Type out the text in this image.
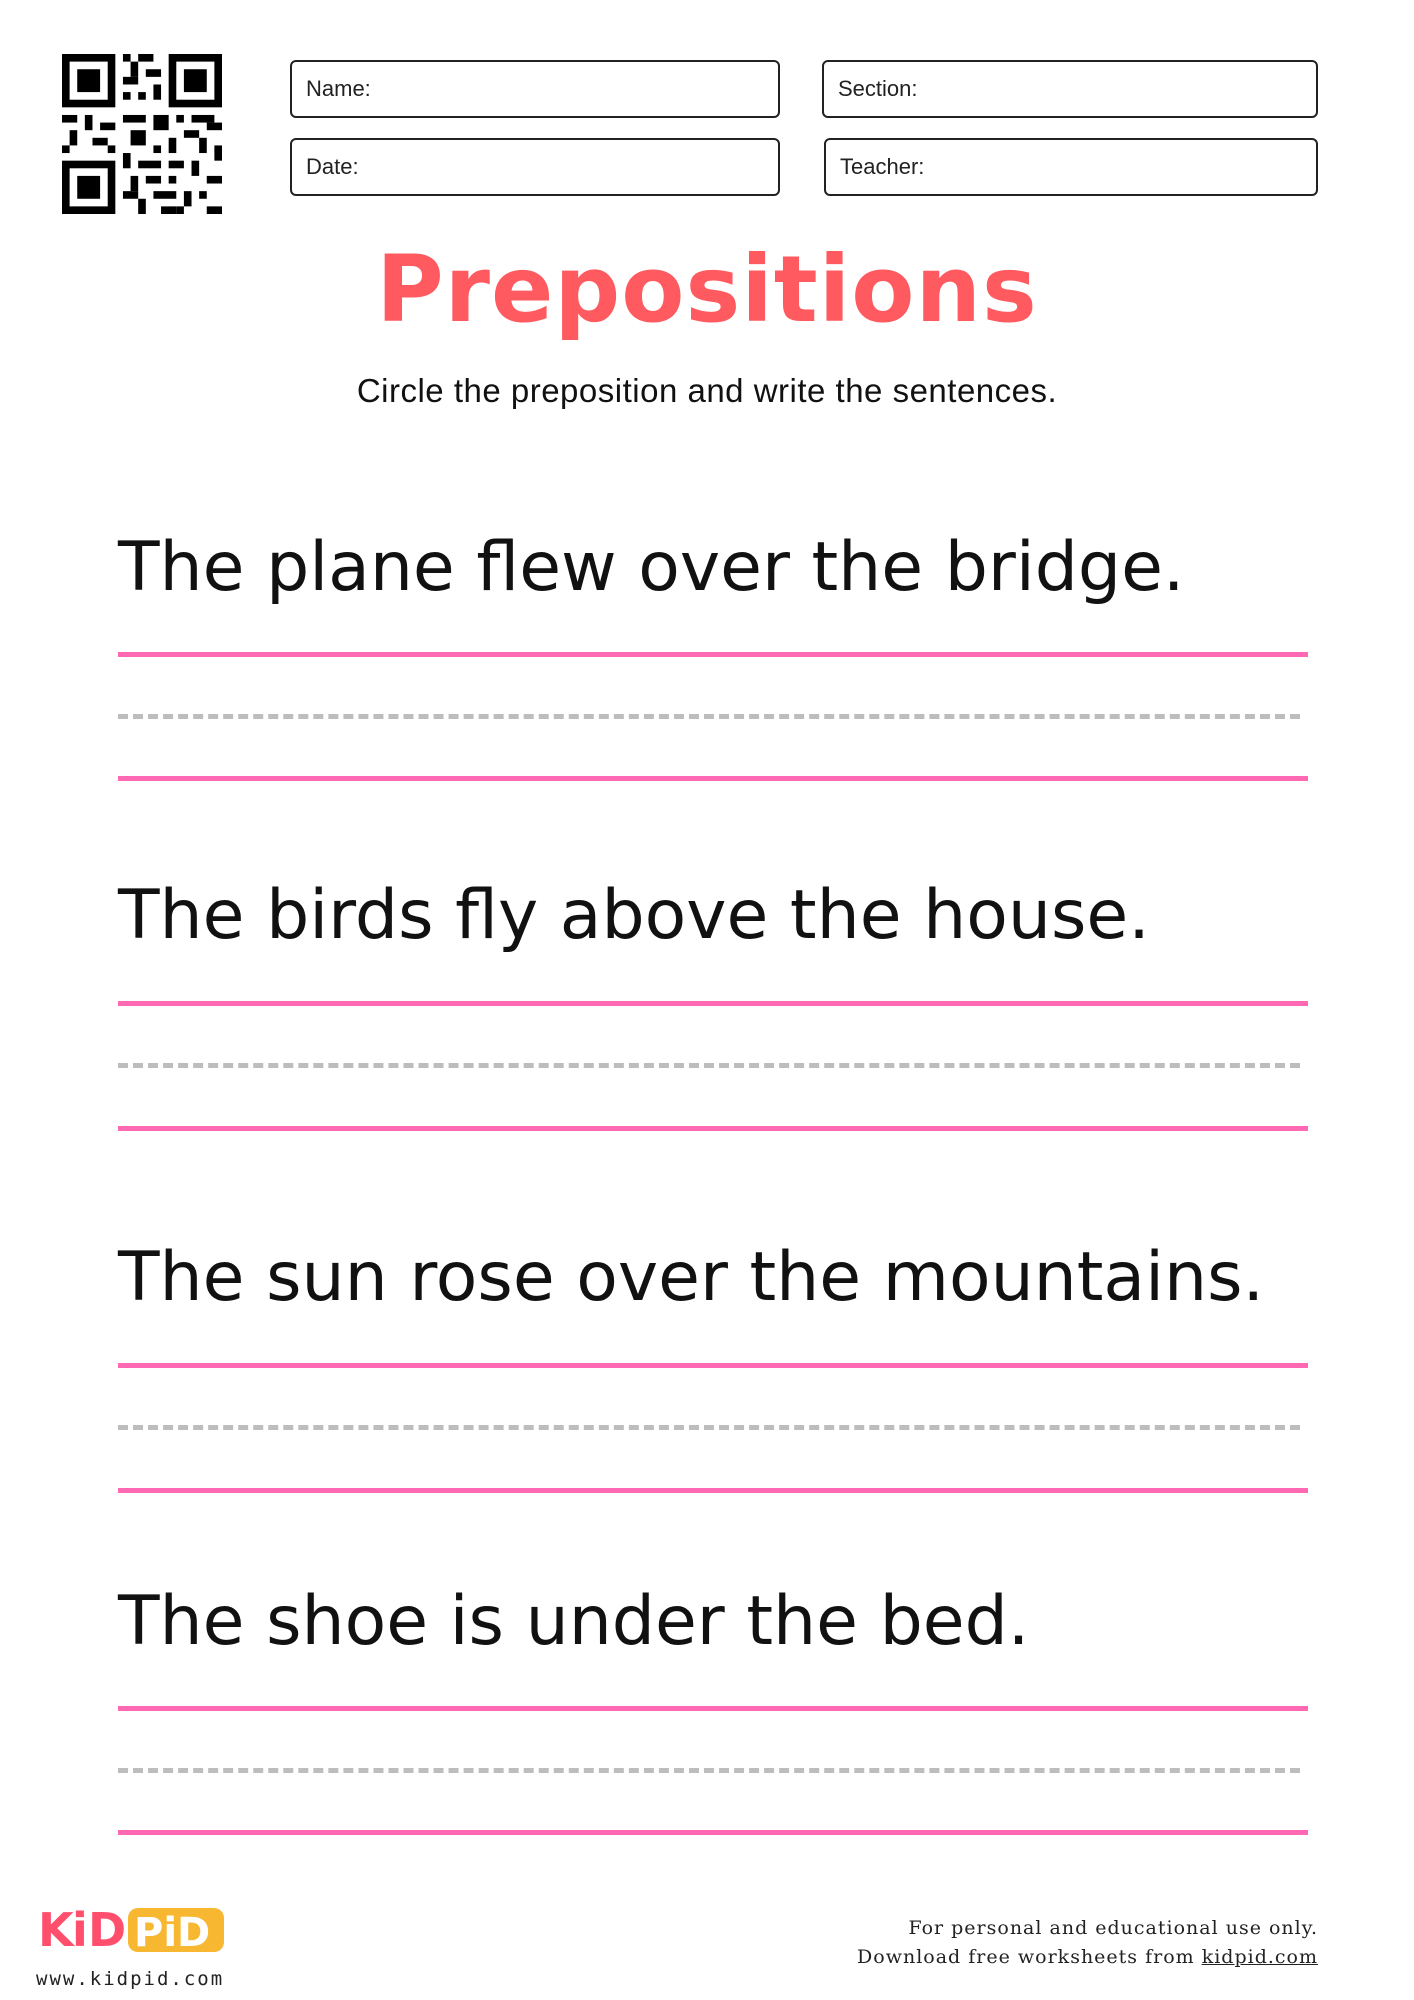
Name:	Section:
Date:	Teacher:
Prepositions
Circle the preposition and write the sentences.
The plane flew over the bridge.
The birds fly above the house.
The sun rose over the mountains.
The shoe is under the bed.
K
i D PiD
www.kidpid.com
For personal and educational use only.
Download free worksheets from kidpid.com
